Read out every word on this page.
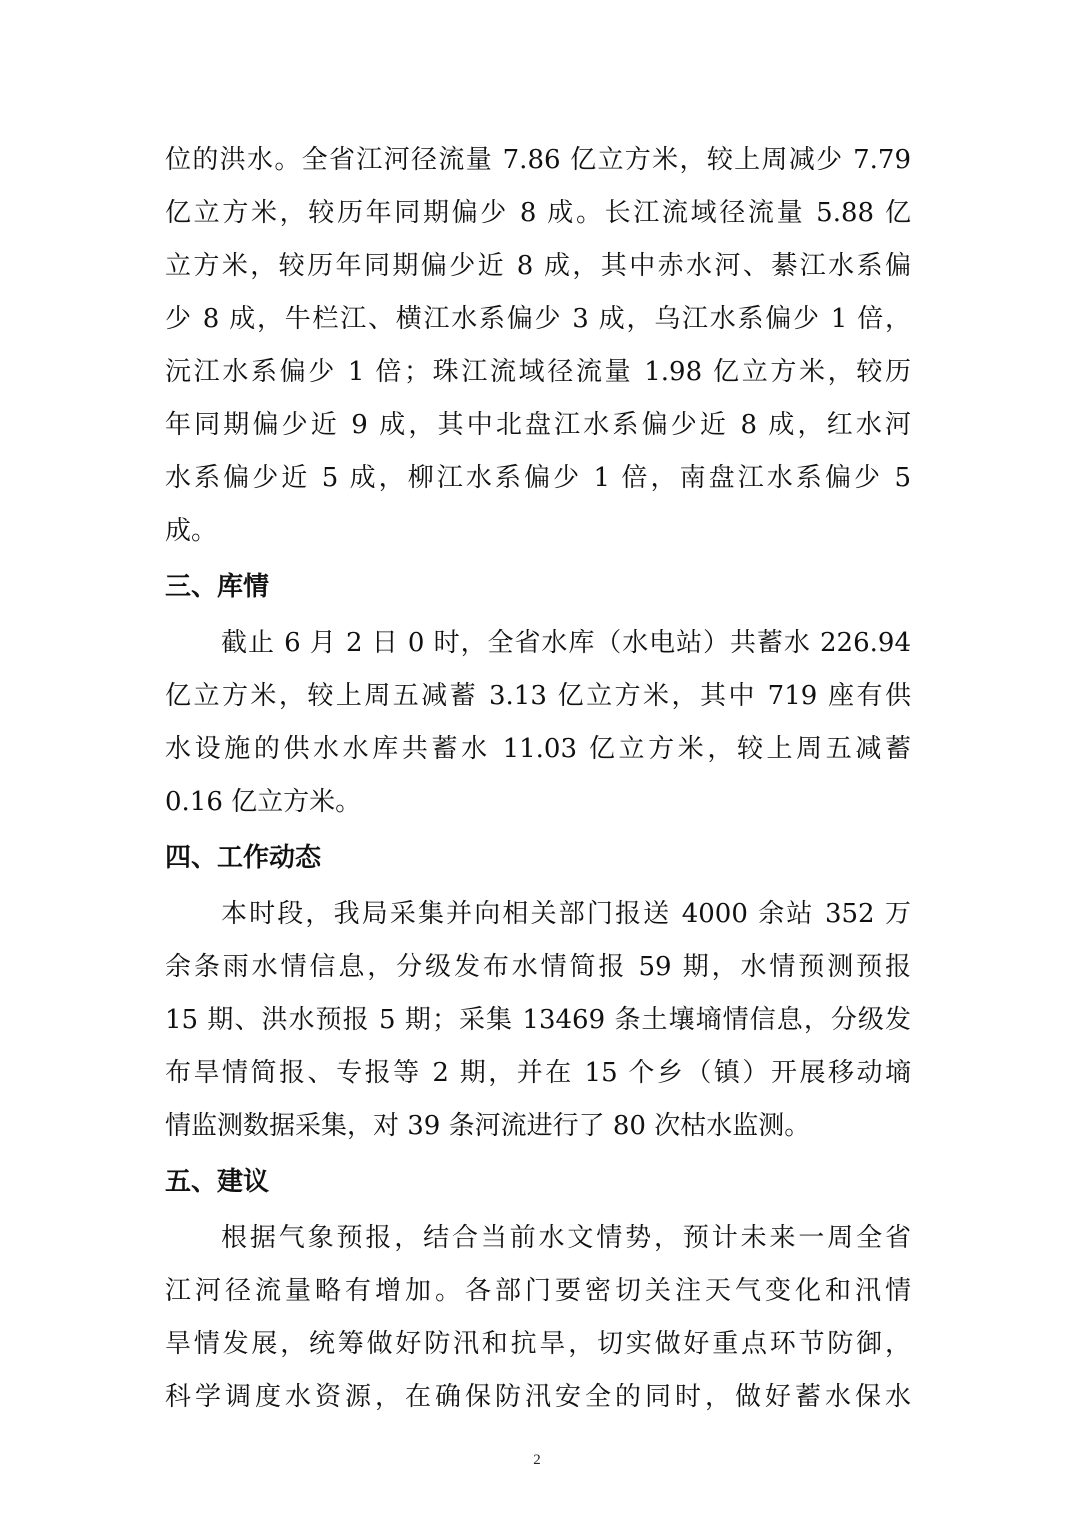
位的洪水。全省江河径流量 7.86 亿立方米，较上周减少 7.79
亿立方米，较历年同期偏少 8 成。长江流域径流量 5.88 亿
立方米，较历年同期偏少近 8 成，其中赤水河、綦江水系偏
少 8 成，牛栏江、横江水系偏少 3 成，乌江水系偏少 1 倍，
沅江水系偏少 1 倍；珠江流域径流量 1.98 亿立方米，较历
年同期偏少近 9 成，其中北盘江水系偏少近 8 成，红水河
水系偏少近 5 成，柳江水系偏少 1 倍，南盘江水系偏少 5
成。
三、库情
截止 6 月 2 日 0 时，全省水库（水电站）共蓄水 226.94
亿立方米，较上周五减蓄 3.13 亿立方米，其中 719 座有供
水设施的供水水库共蓄水 11.03 亿立方米，较上周五减蓄
0.16 亿立方米。
四、工作动态
本时段，我局采集并向相关部门报送 4000 余站 352 万
余条雨水情信息，分级发布水情简报 59 期，水情预测预报
15 期、洪水预报 5 期；采集 13469 条土壤墒情信息，分级发
布旱情简报、专报等 2 期，并在 15 个乡（镇）开展移动墒
情监测数据采集，对 39 条河流进行了 80 次枯水监测。
五、建议
根据气象预报，结合当前水文情势，预计未来一周全省
江河径流量略有增加。各部门要密切关注天气变化和汛情
旱情发展，统筹做好防汛和抗旱，切实做好重点环节防御，
科学调度水资源，在确保防汛安全的同时，做好蓄水保水
2
